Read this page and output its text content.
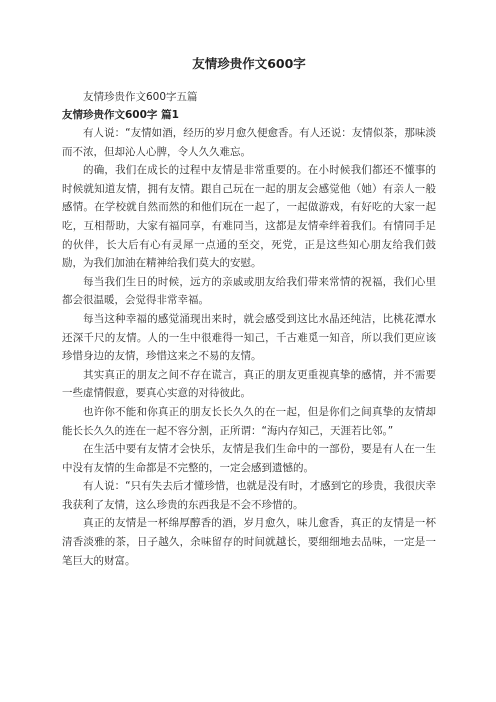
友情珍贵作文600字

友情珍贵作文600字五篇

友情珍贵作文600字 篇1

有人说：“友情如酒，经历的岁月愈久便愈香。有人还说：友情似茶，那味淡而不浓，但却沁人心脾，令人久久难忘。

的确，我们在成长的过程中友情是非常重要的。在小时候我们都还不懂事的时候就知道友情，拥有友情。跟自己玩在一起的朋友会感觉他（她）有亲人一般感情。在学校就自然而然的和他们玩在一起了，一起做游戏，有好吃的大家一起吃，互相帮助，大家有福同享，有难同当，这都是友情牵绊着我们。有情同手足的伙伴，长大后有心有灵犀一点通的至交，死党，正是这些知心朋友给我们鼓励，为我们加油在精神给我们莫大的安慰。

每当我们生日的时候，远方的亲戚或朋友给我们带来常情的祝福，我们心里都会很温暖，会觉得非常幸福。

每当这种幸福的感觉涌现出来时，就会感受到这比水晶还纯洁，比桃花潭水还深千尺的友情。人的一生中很难得一知己，千古难觅一知音，所以我们更应该珍惜身边的友情，珍惜这来之不易的友情。

其实真正的朋友之间不存在谎言，真正的朋友更重视真挚的感情，并不需要一些虚情假意，要真心实意的对待彼此。

也许你不能和你真正的朋友长长久久的在一起，但是你们之间真挚的友情却能长长久久的连在一起不容分割，正所谓：“海内存知己，天涯若比邻。”

在生活中要有友情才会快乐，友情是我们生命中的一部份，要是有人在一生中没有友情的生命都是不完整的，一定会感到遗憾的。

有人说：“只有失去后才懂珍惜，也就是没有时，才感到它的珍贵，我很庆幸我获利了友情，这么珍贵的东西我是不会不珍惜的。

真正的友情是一杯绵厚醇香的酒，岁月愈久，味儿愈香，真正的友情是一杯清香淡雅的茶，日子越久，余味留存的时间就越长，要细细地去品味，一定是一笔巨大的财富。
